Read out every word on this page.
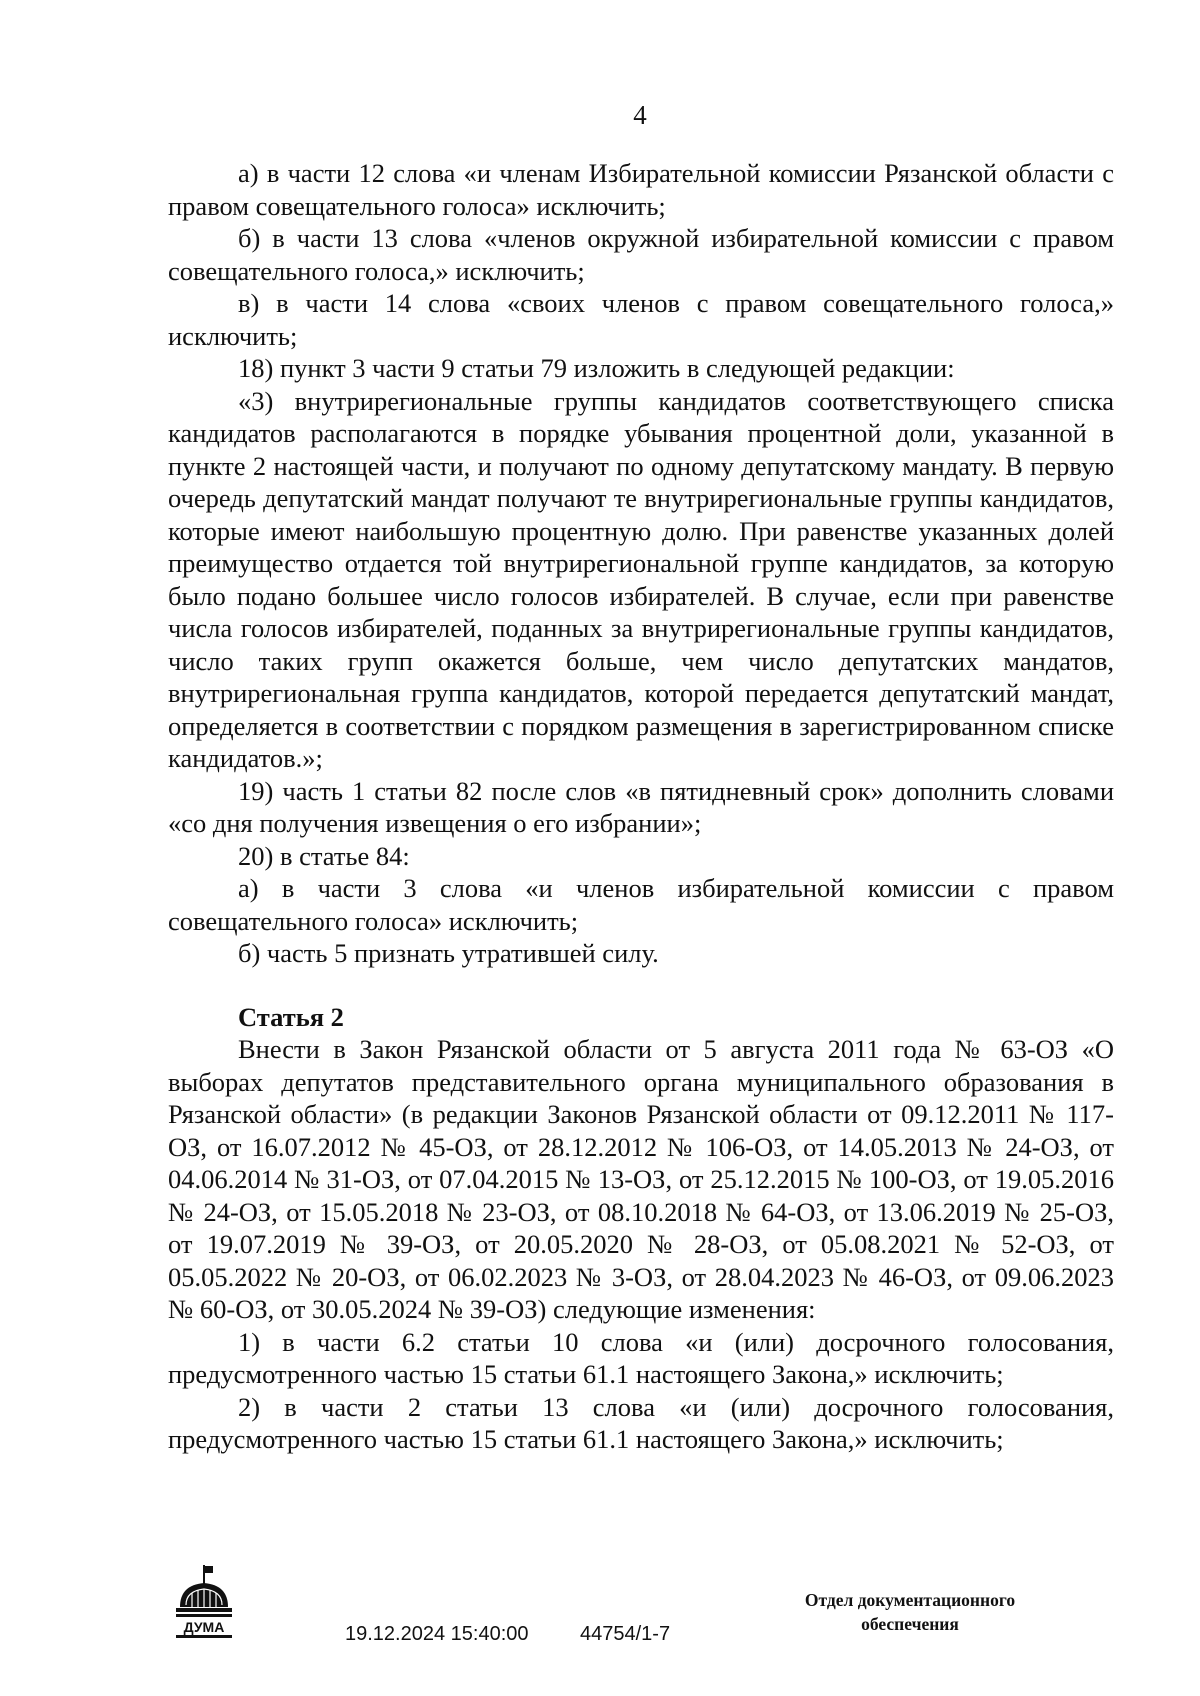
4

а) в части 12 слова «и членам Избирательной комиссии Рязанской области с правом совещательного голоса» исключить;

б) в части 13 слова «членов окружной избирательной комиссии с правом совещательного голоса,» исключить;

в) в части 14 слова «своих членов с правом совещательного голоса,» исключить;

18) пункт 3 части 9 статьи 79 изложить в следующей редакции:

«3) внутрирегиональные группы кандидатов соответствующего списка кандидатов располагаются в порядке убывания процентной доли, указанной в пункте 2 настоящей части, и получают по одному депутатскому мандату. В первую очередь депутатский мандат получают те внутрирегиональные группы кандидатов, которые имеют наибольшую процентную долю. При равенстве указанных долей преимущество отдается той внутрирегиональной группе кандидатов, за которую было подано большее число голосов избирателей. В случае, если при равенстве числа голосов избирателей, поданных за внутрирегиональные группы кандидатов, число таких групп окажется больше, чем число депутатских мандатов, внутрирегиональная группа кандидатов, которой передается депутатский мандат, определяется в соответствии с порядком размещения в зарегистрированном списке кандидатов.»;

19) часть 1 статьи 82 после слов «в пятидневный срок» дополнить словами «со дня получения извещения о его избрании»;

20) в статье 84:

а) в части 3 слова «и членов избирательной комиссии с правом совещательного голоса» исключить;

б) часть 5 признать утратившей силу.

Статья 2

Внести в Закон Рязанской области от 5 августа 2011 года № 63-ОЗ «О выборах депутатов представительного органа муниципального образования в Рязанской области» (в редакции Законов Рязанской области от 09.12.2011 № 117-ОЗ, от 16.07.2012 № 45-ОЗ, от 28.12.2012 № 106-ОЗ, от 14.05.2013 № 24-ОЗ, от 04.06.2014 № 31-ОЗ, от 07.04.2015 № 13-ОЗ, от 25.12.2015 № 100-ОЗ, от 19.05.2016 № 24-ОЗ, от 15.05.2018 № 23-ОЗ, от 08.10.2018 № 64-ОЗ, от 13.06.2019 № 25-ОЗ, от 19.07.2019 № 39-ОЗ, от 20.05.2020 № 28-ОЗ, от 05.08.2021 № 52-ОЗ, от 05.05.2022 № 20-ОЗ, от 06.02.2023 № 3-ОЗ, от 28.04.2023 № 46-ОЗ, от 09.06.2023 № 60-ОЗ, от 30.05.2024 № 39-ОЗ) следующие изменения:

1) в части 6.2 статьи 10 слова «и (или) досрочного голосования, предусмотренного частью 15 статьи 61.1 настоящего Закона,» исключить;

2) в части 2 статьи 13 слова «и (или) досрочного голосования, предусмотренного частью 15 статьи 61.1 настоящего Закона,» исключить;

ДУМА	19.12.2024 15:40:00	44754/1-7
Отдел документационного
обеспечения
